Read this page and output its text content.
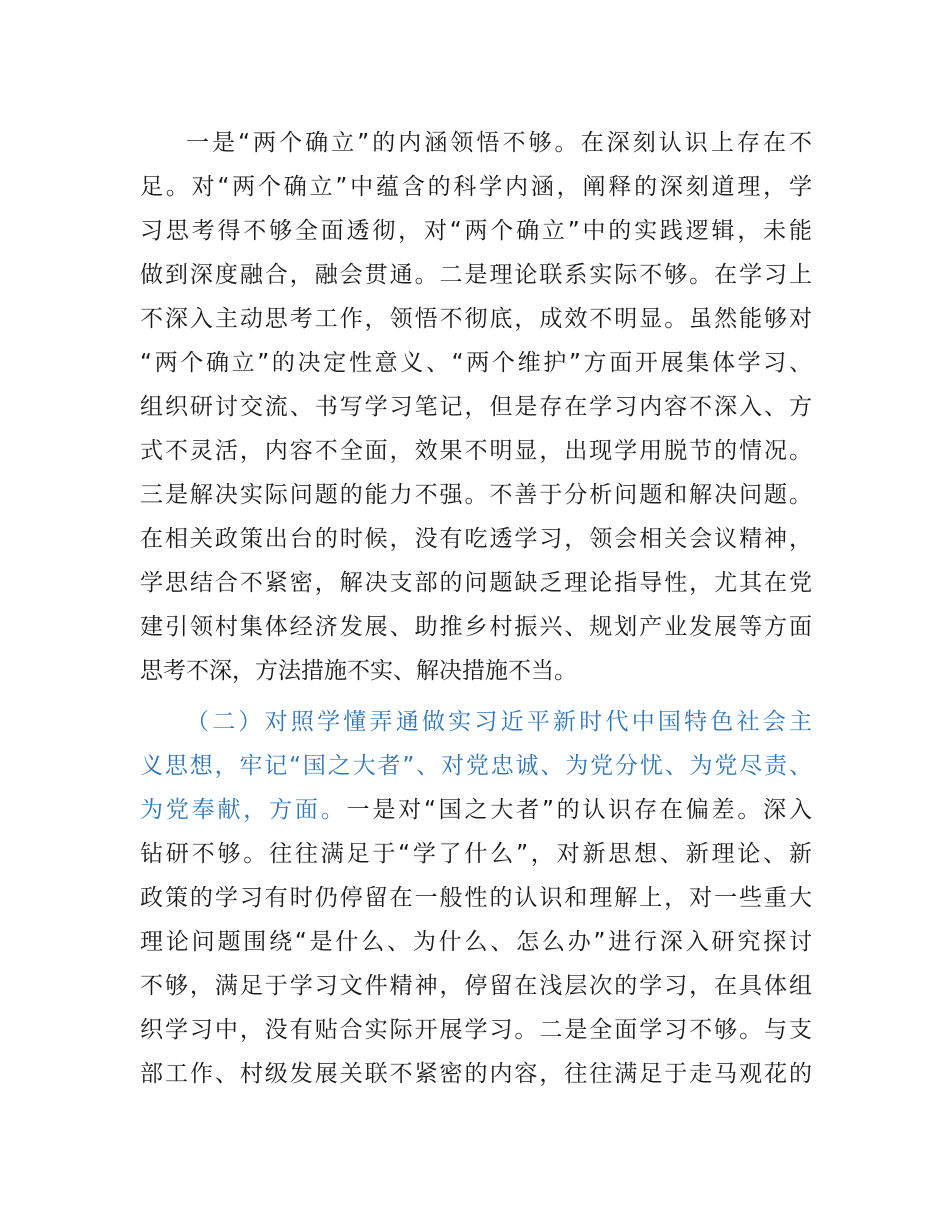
一是“两个确立”的内涵领悟不够。在深刻认识上存在不
足。对“两个确立”中蕴含的科学内涵，阐释的深刻道理，学
习思考得不够全面透彻，对“两个确立”中的实践逻辑，未能
做到深度融合，融会贯通。二是理论联系实际不够。在学习上
不深入主动思考工作，领悟不彻底，成效不明显。虽然能够对
“两个确立”的决定性意义、“两个维护”方面开展集体学习、
组织研讨交流、书写学习笔记，但是存在学习内容不深入、方
式不灵活，内容不全面，效果不明显，出现学用脱节的情况。
三是解决实际问题的能力不强。不善于分析问题和解决问题。
在相关政策出台的时候，没有吃透学习，领会相关会议精神，
学思结合不紧密，解决支部的问题缺乏理论指导性，尤其在党
建引领村集体经济发展、助推乡村振兴、规划产业发展等方面
思考不深，方法措施不实、解决措施不当。
（二）对照学懂弄通做实习近平新时代中国特色社会主
义思想，牢记“国之大者”、对党忠诚、为党分忧、为党尽责、
为党奉献，方面。一是对“国之大者”的认识存在偏差。深入
钻研不够。往往满足于“学了什么”，对新思想、新理论、新
政策的学习有时仍停留在一般性的认识和理解上，对一些重大
理论问题围绕“是什么、为什么、怎么办”进行深入研究探讨
不够，满足于学习文件精神，停留在浅层次的学习，在具体组
织学习中，没有贴合实际开展学习。二是全面学习不够。与支
部工作、村级发展关联不紧密的内容，往往满足于走马观花的
